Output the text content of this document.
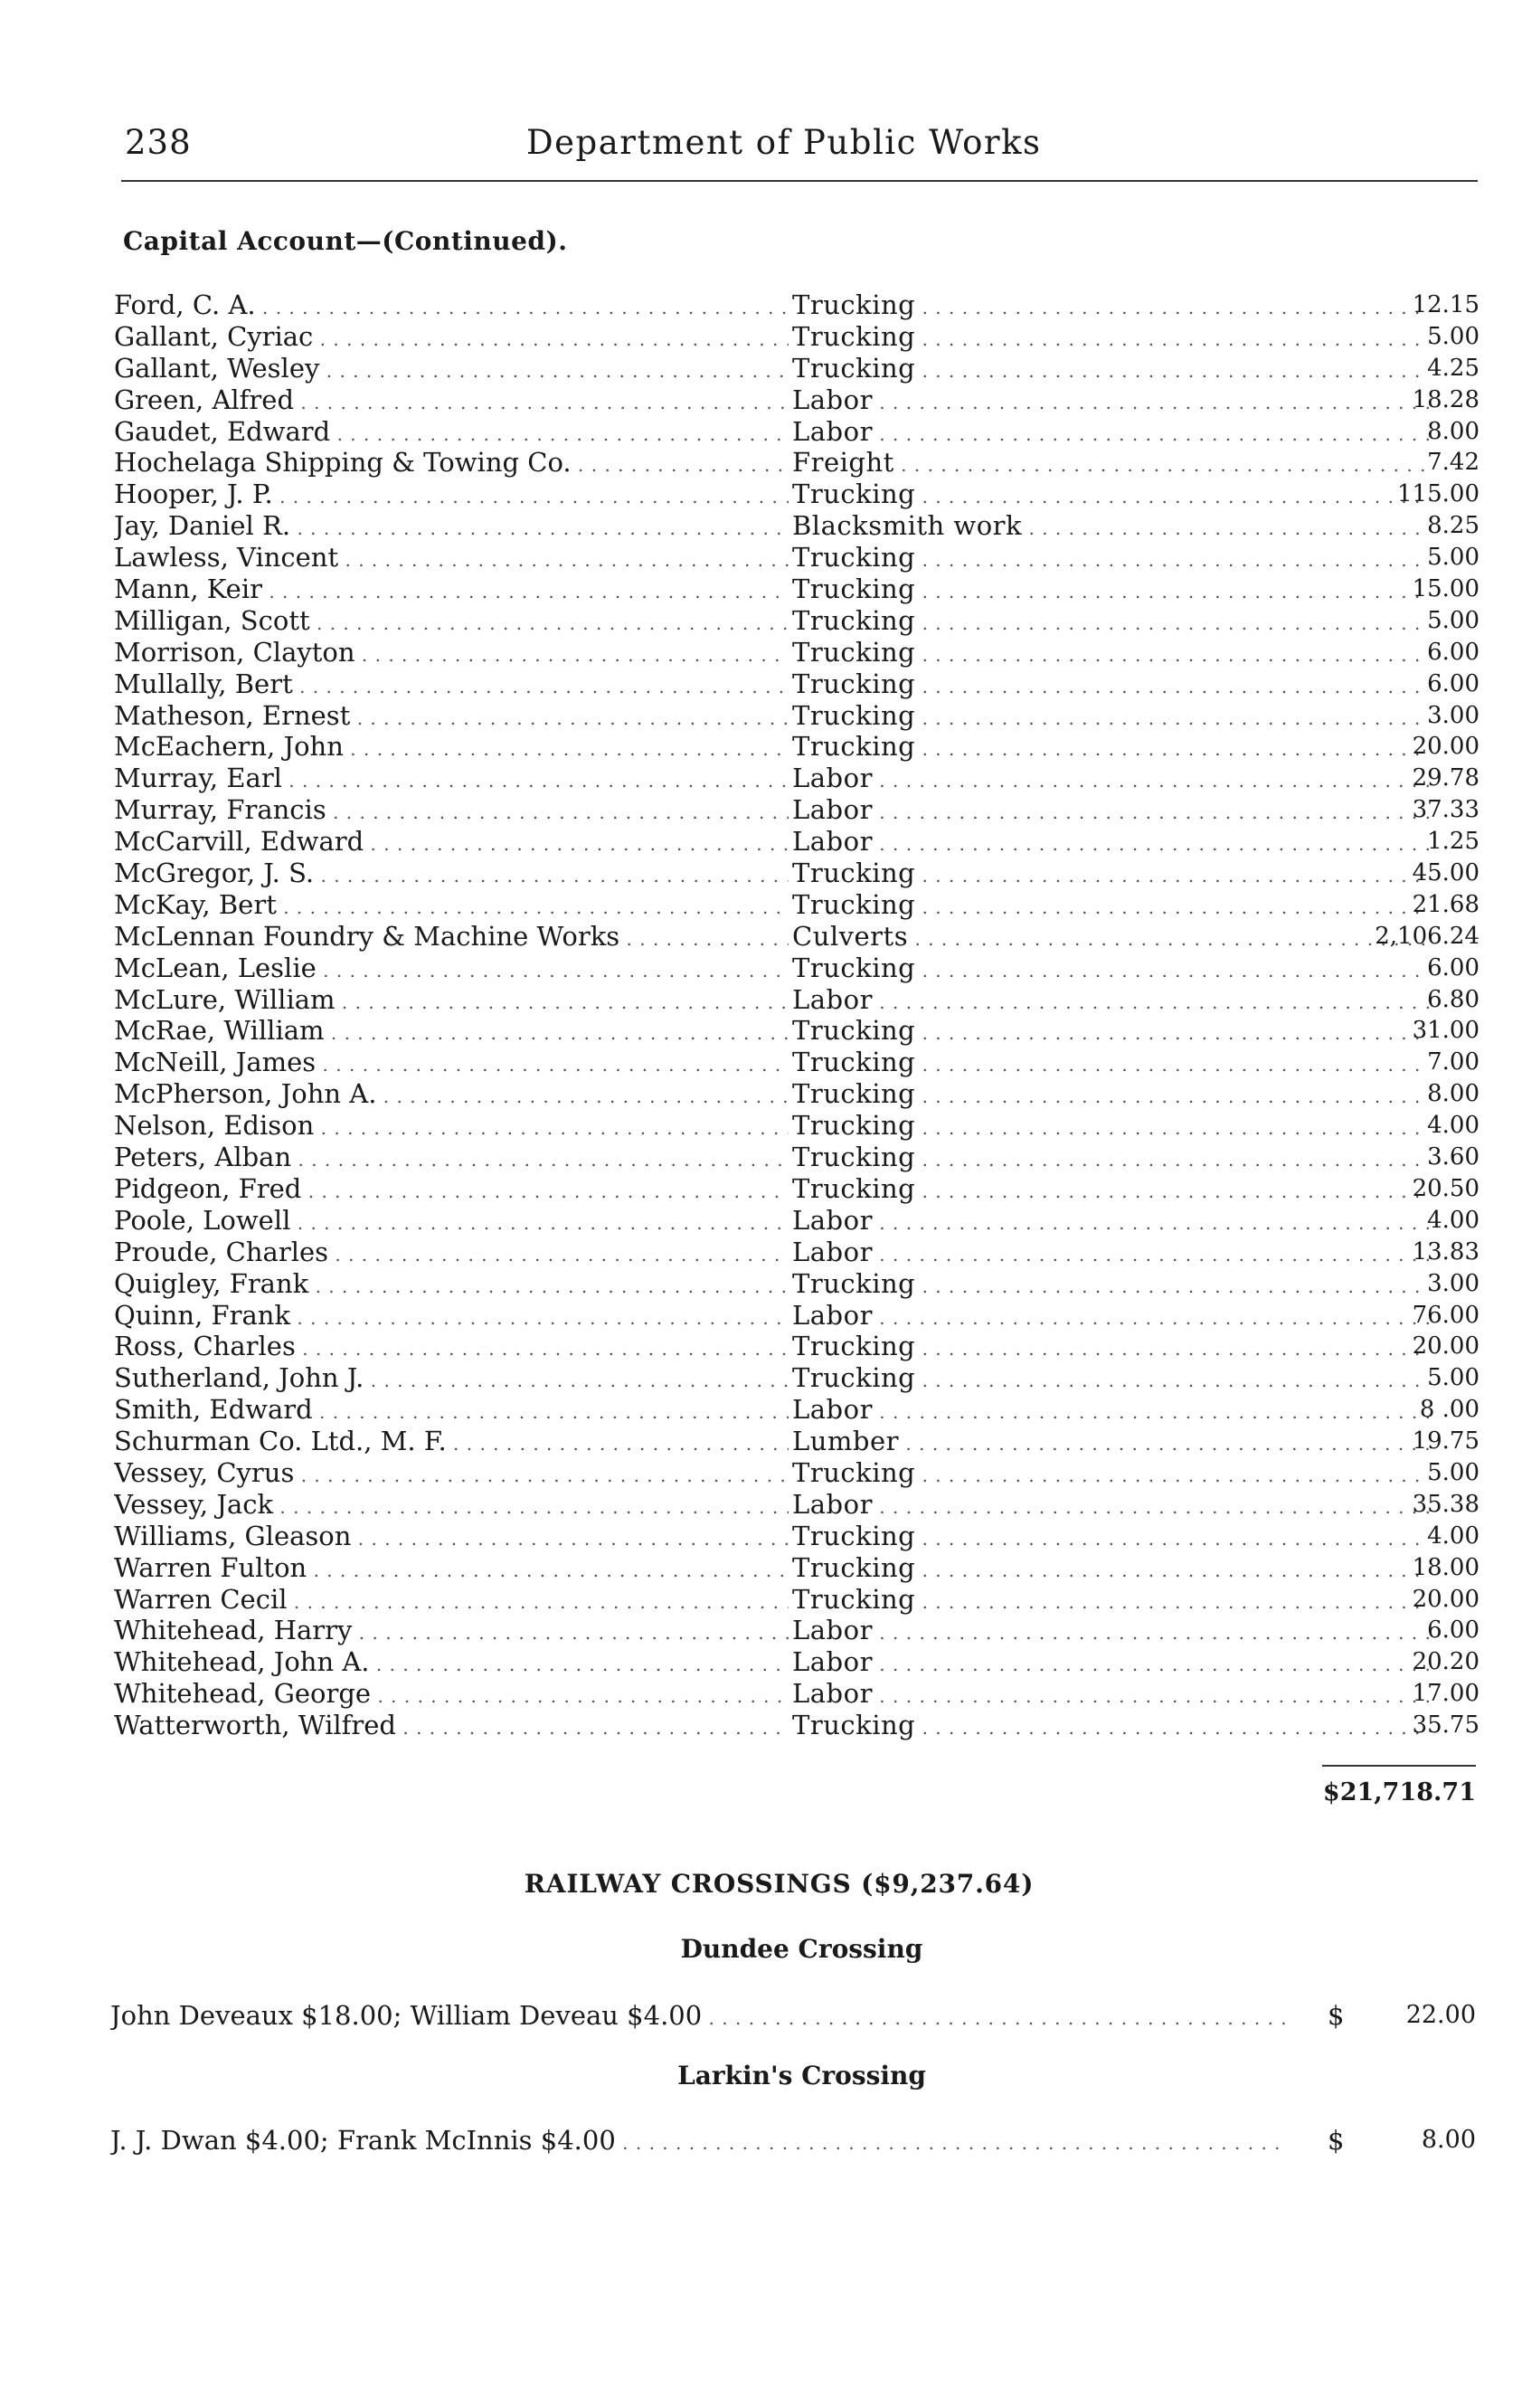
238	Department of Public Works
Capital Account—(Continued).
Ford, C. A. . . .	Trucking . . .	12.15
Gallant, Cyriac . . .	Trucking . . .	5.00
Gallant, Wesley . . .	Trucking . . .	4.25
Green, Alfred . . .	Labor . . .	18.28
Gaudet, Edward . . .	Labor . . .	8.00
Hochelaga Shipping & Towing Co. . . .	Freight . . .	7.42
Hooper, J. P. . . .	Trucking . . .	115.00
Jay, Daniel R. . . .	Blacksmith work . . .	8.25
Lawless, Vincent . . .	Trucking . . .	5.00
Mann, Keir . . .	Trucking . . .	15.00
Milligan, Scott . . .	Trucking . . .	5.00
Morrison, Clayton . . .	Trucking . . .	6.00
Mullally, Bert . . .	Trucking . . .	6.00
Matheson, Ernest . . .	Trucking . . .	3.00
McEachern, John . . .	Trucking . . .	20.00
Murray, Earl . . .	Labor . . .	29.78
Murray, Francis . . .	Labor . . .	37.33
McCarvill, Edward . . .	Labor . . .	1.25
McGregor, J. S. . . .	Trucking . . .	45.00
McKay, Bert . . .	Trucking . . .	21.68
McLennan Foundry & Machine Works . . .	Culverts . . .	2,106.24
McLean, Leslie . . .	Trucking . . .	6.00
McLure, William . . .	Labor . . .	6.80
McRae, William . . .	Trucking . . .	31.00
McNeill, James . . .	Trucking . . .	7.00
McPherson, John A. . . .	Trucking . . .	8.00
Nelson, Edison . . .	Trucking . . .	4.00
Peters, Alban . . .	Trucking . . .	3.60
Pidgeon, Fred . . .	Trucking . . .	20.50
Poole, Lowell . . .	Labor . . .	4.00
Proude, Charles . . .	Labor . . .	13.83
Quigley, Frank . . .	Trucking . . .	3.00
Quinn, Frank . . .	Labor . . .	76.00
Ross, Charles . . .	Trucking . . .	20.00
Sutherland, John J. . . .	Trucking . . .	5.00
Smith, Edward . . .	Labor . . .	8 .00
Schurman Co. Ltd., M. F. . . .	Lumber . . .	19.75
Vessey, Cyrus . . .	Trucking . . .	5.00
Vessey, Jack . . .	Labor . . .	35.38
Williams, Gleason . . .	Trucking . . .	4.00
Warren Fulton . . .	Trucking . . .	18.00
Warren Cecil . . .	Trucking . . .	20.00
Whitehead, Harry . . .	Labor . . .	6.00
Whitehead, John A. . . .	Labor . . .	20.20
Whitehead, George . . .	Labor . . .	17.00
Watterworth, Wilfred . . .	Trucking . . .	35.75
$21,718.71
RAILWAY CROSSINGS ($9,237.64)
Dundee Crossing
John Deveaux $18.00; William Deveau $4.00 . . .	$	22.00
Larkin's Crossing
J. J. Dwan $4.00; Frank McInnis $4.00 . . .	$	8.00
